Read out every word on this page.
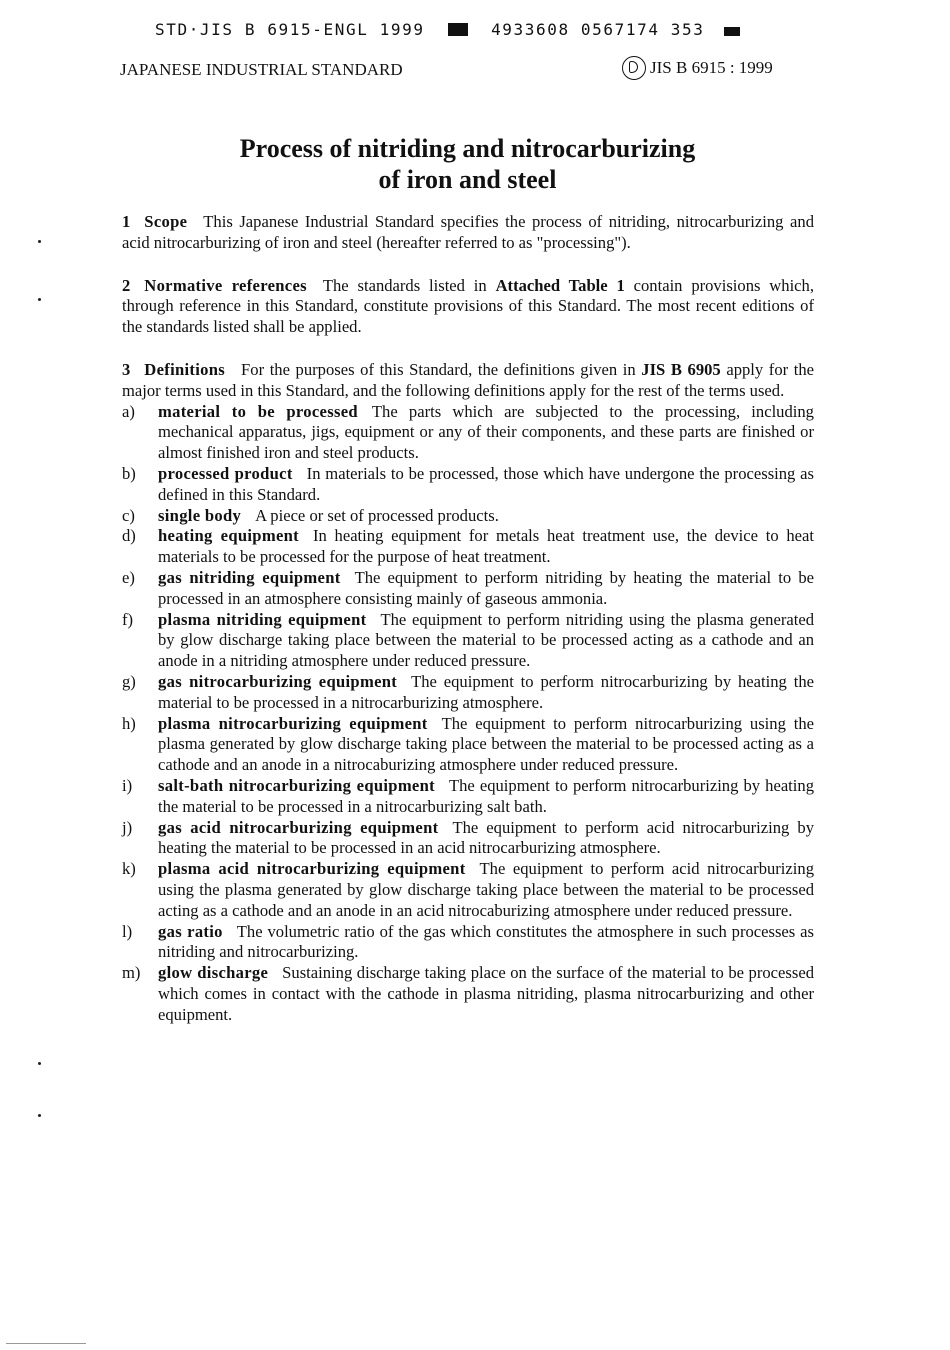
STD·JIS B 6915-ENGL 1999	4933608 0567174 353
JAPANESE INDUSTRIAL STANDARD	JIS B 6915 : 1999
Process of nitriding and nitrocarburizing
of iron and steel

1 Scope This Japanese Industrial Standard specifies the process of nitriding, nitrocarburizing and acid nitrocarburizing of iron and steel (hereafter referred to as "processing").

2 Normative references The standards listed in Attached Table 1 contain provisions which, through reference in this Standard, constitute provisions of this Standard. The most recent editions of the standards listed shall be applied.

3 Definitions For the purposes of this Standard, the definitions given in JIS B 6905 apply for the major terms used in this Standard, and the following definitions apply for the rest of the terms used.

a) material to be processed The parts which are subjected to the processing, including mechanical apparatus, jigs, equipment or any of their components, and these parts are finished or almost finished iron and steel products.
b) processed product In materials to be processed, those which have undergone the processing as defined in this Standard.
c) single body A piece or set of processed products.
d) heating equipment In heating equipment for metals heat treatment use, the device to heat materials to be processed for the purpose of heat treatment.
e) gas nitriding equipment The equipment to perform nitriding by heating the material to be processed in an atmosphere consisting mainly of gaseous ammonia.
f) plasma nitriding equipment The equipment to perform nitriding using the plasma generated by glow discharge taking place between the material to be processed acting as a cathode and an anode in a nitriding atmosphere under reduced pressure.
g) gas nitrocarburizing equipment The equipment to perform nitrocarburizing by heating the material to be processed in a nitrocarburizing atmosphere.
h) plasma nitrocarburizing equipment The equipment to perform nitrocarburizing using the plasma generated by glow discharge taking place between the material to be processed acting as a cathode and an anode in a nitrocaburizing atmosphere under reduced pressure.
i) salt-bath nitrocarburizing equipment The equipment to perform nitrocarburizing by heating the material to be processed in a nitrocarburizing salt bath.
j) gas acid nitrocarburizing equipment The equipment to perform acid nitrocarburizing by heating the material to be processed in an acid nitrocarburizing atmosphere.
k) plasma acid nitrocarburizing equipment The equipment to perform acid nitrocarburizing using the plasma generated by glow discharge taking place between the material to be processed acting as a cathode and an anode in an acid nitrocaburizing atmosphere under reduced pressure.
l) gas ratio The volumetric ratio of the gas which constitutes the atmosphere in such processes as nitriding and nitrocarburizing.
m) glow discharge Sustaining discharge taking place on the surface of the material to be processed which comes in contact with the cathode in plasma nitriding, plasma nitrocarburizing and other equipment.
